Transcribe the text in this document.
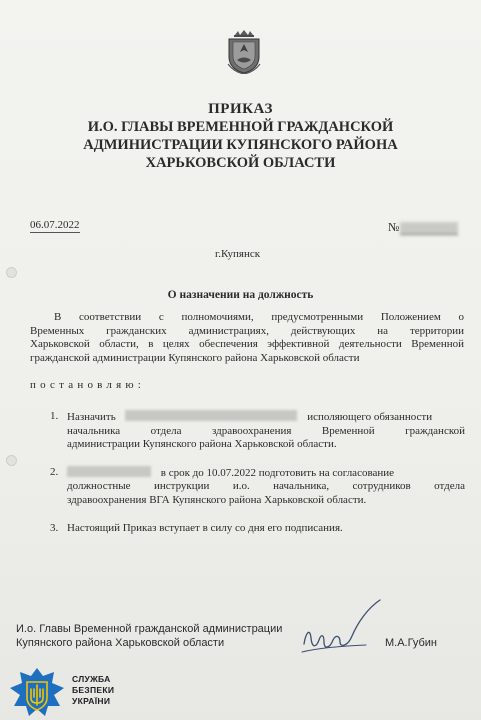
ПРИКАЗ
И.О. ГЛАВЫ ВРЕМЕННОЙ ГРАЖДАНСКОЙ
АДМИНИСТРАЦИИ КУПЯНСКОГО РАЙОНА
ХАРЬКОВСКОЙ ОБЛАСТИ
06.07.2022	№
г.Купянск
О назначении на должность

В соответствии с полномочиями, предусмотренными Положением о

Временных гражданских администрациях, действующих на территории

Харьковской области, в целях обеспечения эффективной деятельности Временной

гражданской администрации Купянского района Харьковской области

постановляю:
1. Назначить	исполяющего обязанности

начальника отдела здравоохранения Временной гражданской

администрации Купянского района Харьковской области.

2.	в срок до 10.07.2022 подготовить на согласование

должностные инструкции и.о. начальника, сотрудников отдела

здравоохранения ВГА Купянского района Харьковской области.

3. Настоящий Приказ вступает в силу со дня его подписания.

И.о. Главы Временной гражданской администрации
Купянского района Харьковской области	М.А.Губин
СЛУЖБА
БЕЗПЕКИ
УКРАЇНИ
